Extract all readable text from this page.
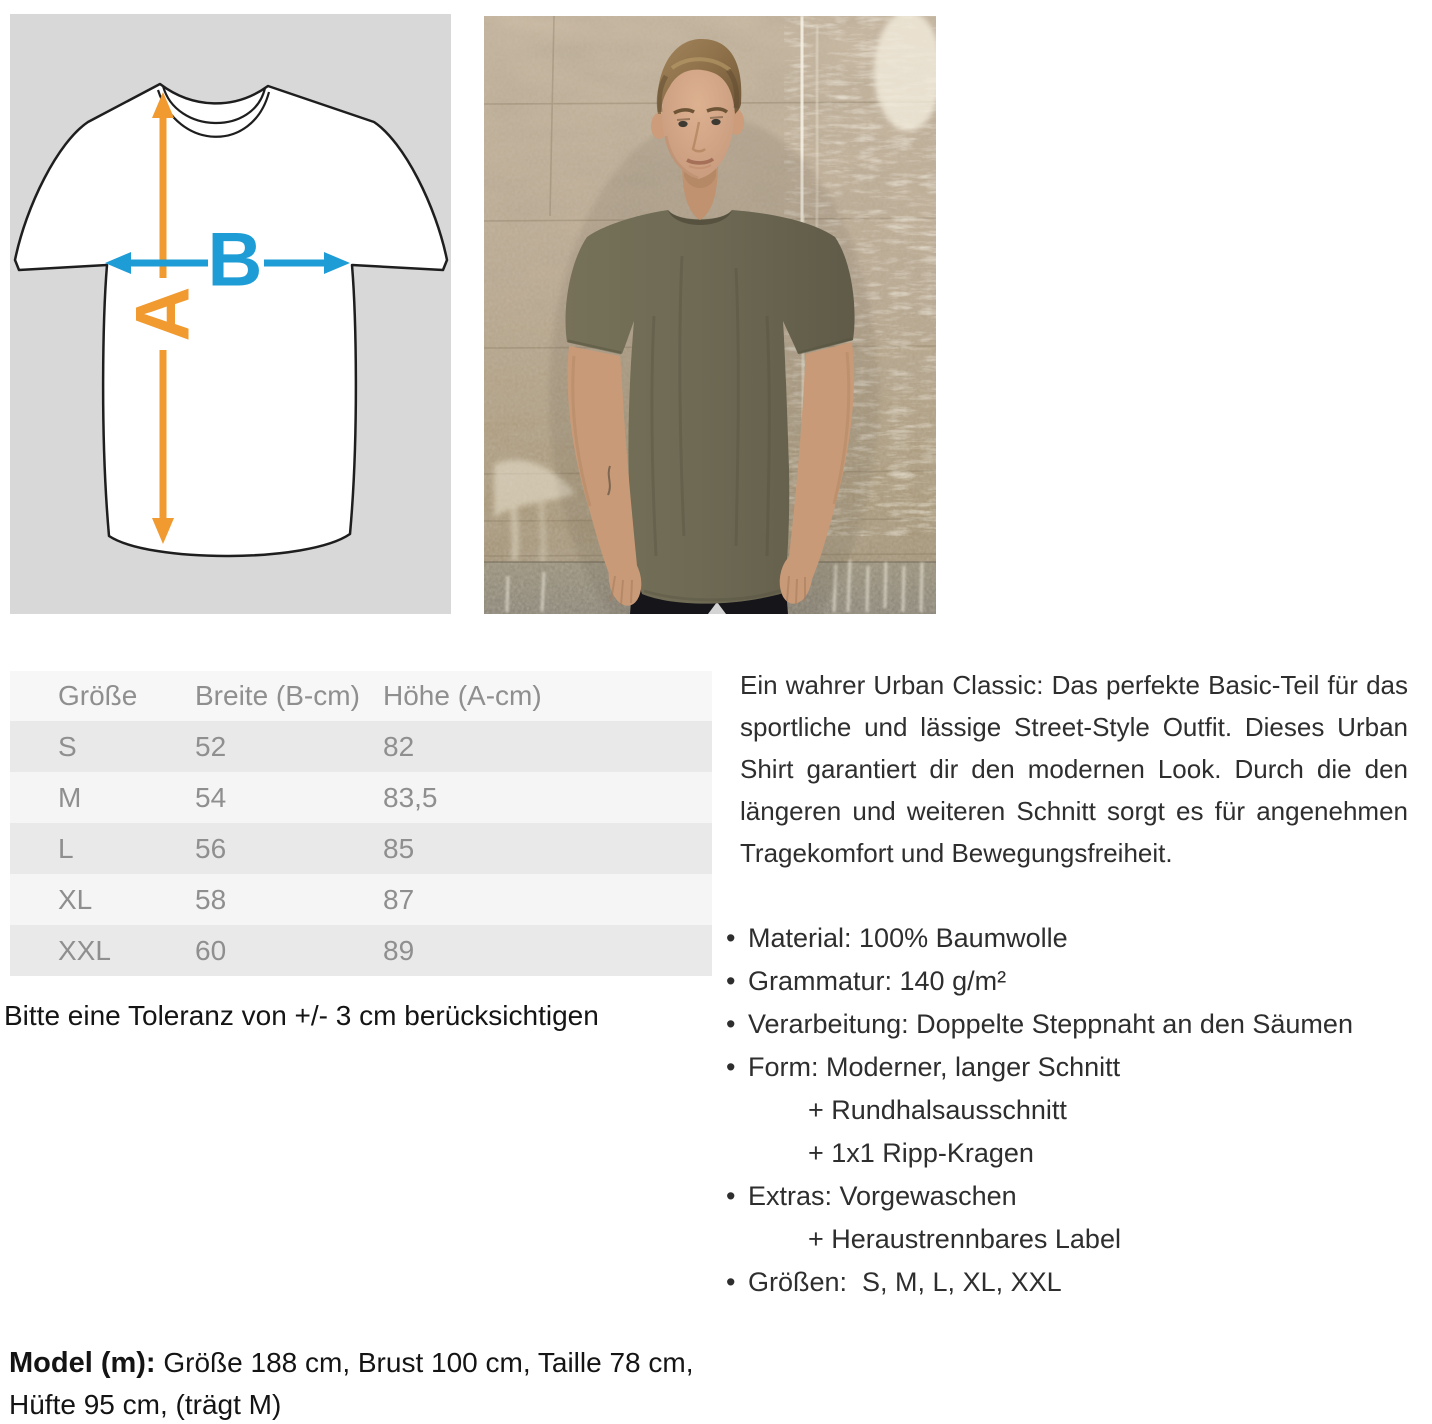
A
B
Größe	Breite (B-cm) Höhe (A-cm)
S	52	82
M	54	83,5
L	56	85
XL	58	87
XXL	60	89
Bitte eine Toleranz von +/- 3 cm berücksichtigen
Ein wahrer Urban Classic: Das perfekte Basic-Teil für das sportliche und lässige Street-Style Outfit. Dieses Urban Shirt garantiert dir den modernen Look. Durch die den längeren und weiteren Schnitt sorgt es für angenehmen Tragekomfort und Bewegungsfreiheit.
• Material: 100% Baumwolle
• Grammatur: 140 g/m²
• Verarbeitung: Doppelte Steppnaht an den Säumen
• Form: Moderner, langer Schnitt
+ Rundhalsausschnitt
+ 1x1 Ripp-Kragen
• Extras: Vorgewaschen
+ Heraustrennbares Label
• Größen:  S, M, L, XL, XXL
Model (m): Größe 188 cm, Brust 100 cm, Taille 78 cm, Hüfte 95 cm, (trägt M)
